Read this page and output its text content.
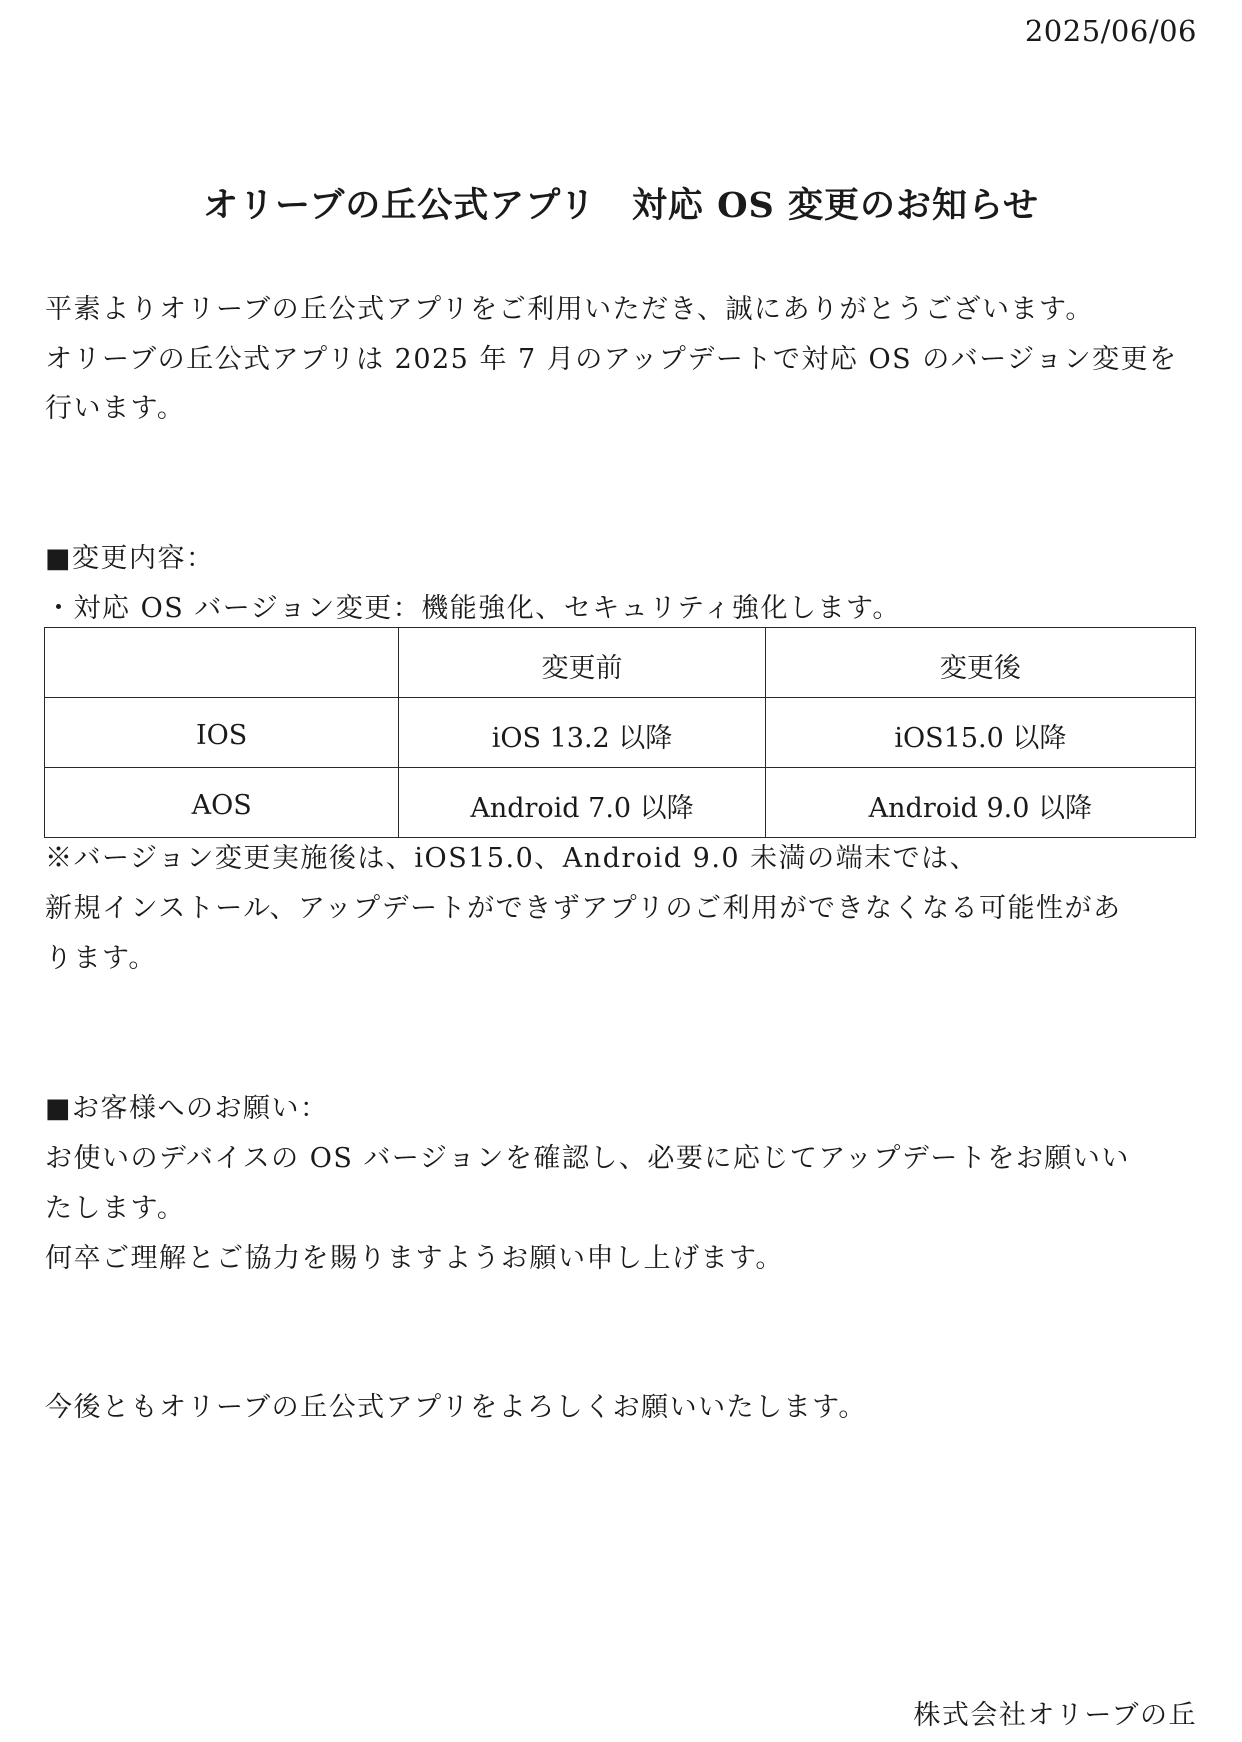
2025/06/06
オリーブの丘公式アプリ　対応 OS 変更のお知らせ
平素よりオリーブの丘公式アプリをご利用いただき、誠にありがとうございます。
オリーブの丘公式アプリは 2025 年 7 月のアップデートで対応 OS のバージョン変更を
行います。
■変更内容：
・対応 OS バージョン変更：機能強化、セキュリティ強化します。
	変更前	変更後
IOS	iOS 13.2 以降	iOS15.0 以降
AOS	Android 7.0 以降	Android 9.0 以降
※バージョン変更実施後は、iOS15.0、Android 9.0 未満の端末では、
新規インストール、アップデートができずアプリのご利用ができなくなる可能性があ
ります。
■お客様へのお願い：
お使いのデバイスの OS バージョンを確認し、必要に応じてアップデートをお願いい
たします。
何卒ご理解とご協力を賜りますようお願い申し上げます。
今後ともオリーブの丘公式アプリをよろしくお願いいたします。
株式会社オリーブの丘
